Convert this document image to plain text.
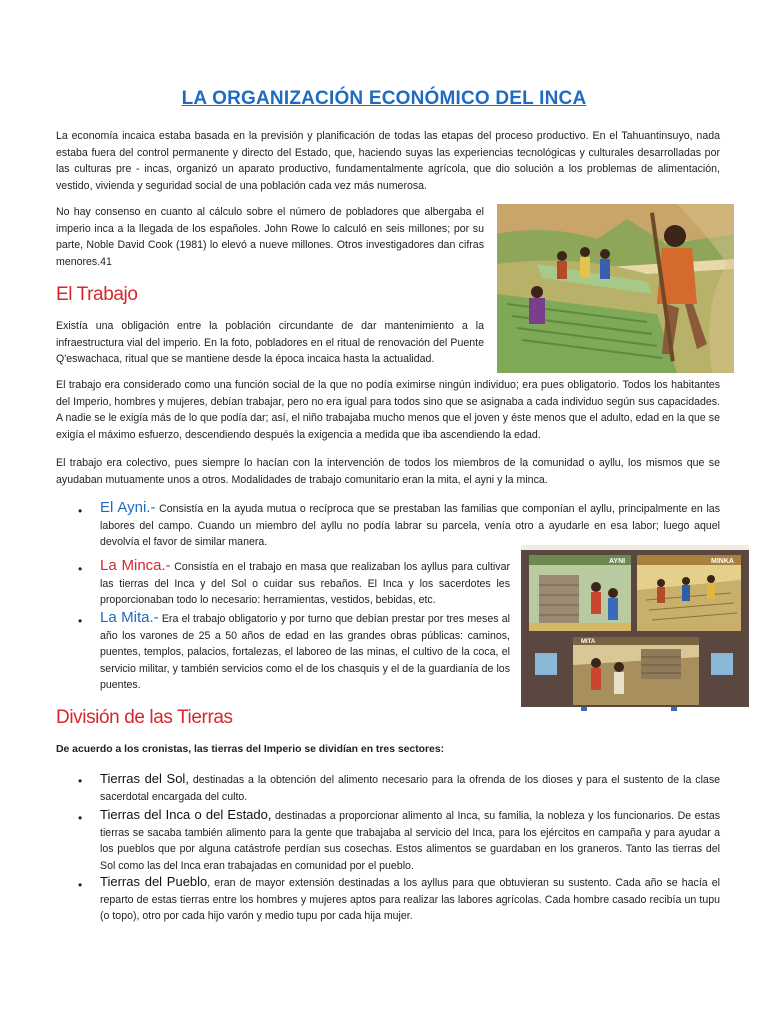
LA ORGANIZACIÓN ECONÓMICO DEL INCA
La economía incaica estaba basada en la previsión y planificación de todas las etapas del proceso productivo. En el Tahuantinsuyo, nada estaba fuera del control permanente y directo del Estado, que, haciendo suyas las experiencias tecnológicas y culturales desarrolladas por las culturas pre - incas, organizó un aparato productivo, fundamentalmente agrícola, que dio solución a los problemas de alimentación, vestido, vivienda y seguridad social de una población cada vez más numerosa.
No hay consenso en cuanto al cálculo sobre el número de pobladores que albergaba el imperio inca a la llegada de los españoles. John Rowe lo calculó en seis millones; por su parte, Noble David Cook (1981) lo elevó a nueve millones. Otros investigadores dan cifras menores.41
El Trabajo
Existía una obligación entre la población circundante de dar mantenimiento a la infraestructura vial del imperio. En la foto, pobladores en el ritual de renovación del Puente Q'eswachaca, ritual que se mantiene desde la época incaica hasta la actualidad.
El trabajo era considerado como una función social de la que no podía eximirse ningún individuo; era pues obligatorio. Todos los habitantes del Imperio, hombres y mujeres, debían trabajar, pero no era igual para todos sino que se asignaba a cada individuo según sus capacidades. A nadie se le exigía más de lo que podía dar; así, el niño trabajaba mucho menos que el joven y éste menos que el adulto, edad en la que se exigía el máximo esfuerzo, descendiendo después la exigencia a medida que iba ascendiendo la edad.
El trabajo era colectivo, pues siempre lo hacían con la intervención de todos los miembros de la comunidad o ayllu, los mismos que se ayudaban mutuamente unos a otros. Modalidades de trabajo comunitario eran la mita, el ayni y la minca.
• El Ayni.- Consistía en la ayuda mutua o recíproca que se prestaban las familias que componían el ayllu, principalmente en las labores del campo. Cuando un miembro del ayllu no podía labrar su parcela, venía otro a ayudarle en esa labor; luego aquel devolvía el favor de similar manera.
• La Minca.- Consistía en el trabajo en masa que realizaban los ayllus para cultivar las tierras del Inca y del Sol o cuidar sus rebaños. El Inca y los sacerdotes les proporcionaban todo lo necesario: herramientas, vestidos, bebidas, etc.
• La Mita.- Era el trabajo obligatorio y por turno que debían prestar por tres meses al año los varones de 25 a 50 años de edad en las grandes obras públicas: caminos, puentes, templos, palacios, fortalezas, el laboreo de las minas, el cultivo de la coca, el servicio militar, y también servicios como el de los chasquis y el de la guardianía de los puentes.
AYNI	MINKA
MITA
División de las Tierras
De acuerdo a los cronistas, las tierras del Imperio se dividían en tres sectores:
• Tierras del Sol, destinadas a la obtención del alimento necesario para la ofrenda de los dioses y para el sustento de la clase sacerdotal encargada del culto.
• Tierras del Inca o del Estado, destinadas a proporcionar alimento al Inca, su familia, la nobleza y los funcionarios. De estas tierras se sacaba también alimento para la gente que trabajaba al servicio del Inca, para los ejércitos en campaña y para ayudar a los pueblos que por alguna catástrofe perdían sus cosechas. Estos alimentos se guardaban en los graneros. Tanto las tierras del Sol como las del Inca eran trabajadas en comunidad por el pueblo.
• Tierras del Pueblo, eran de mayor extensión destinadas a los ayllus para que obtuvieran su sustento. Cada año se hacía el reparto de estas tierras entre los hombres y mujeres aptos para realizar las labores agrícolas. Cada hombre casado recibía un tupu (o topo), otro por cada hijo varón y medio tupu por cada hija mujer.
